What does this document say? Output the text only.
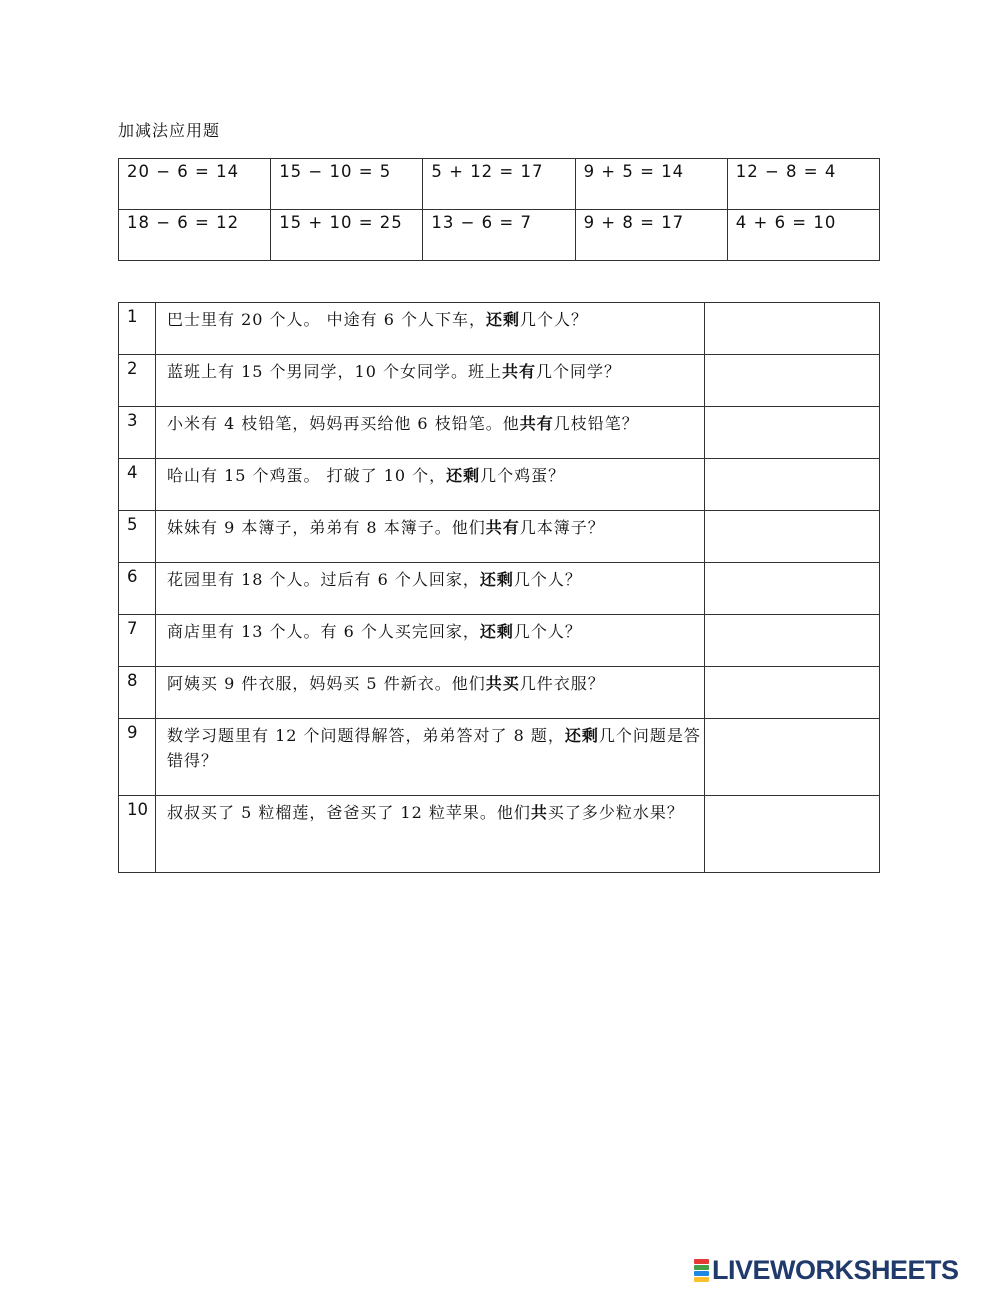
加减法应用题
20 − 6 = 14	15 − 10 = 5	5 + 12 = 17	9 + 5 = 14	12 − 8 = 4
18 − 6 = 12	15 + 10 = 25	13 − 6 = 7	9 + 8 = 17	4 + 6 = 10
1	巴士里有 20 个人。 中途有 6 个人下车，还剩几个人？	
2	蓝班上有 15 个男同学，10 个女同学。班上共有几个同学？	
3	小米有 4 枝铅笔，妈妈再买给他 6 枝铅笔。他共有几枝铅笔？	
4	哈山有 15 个鸡蛋。 打破了 10 个，还剩几个鸡蛋？	
5	妹妹有 9 本簿子，弟弟有 8 本簿子。他们共有几本簿子？	
6	花园里有 18 个人。过后有 6 个人回家，还剩几个人？	
7	商店里有 13 个人。有 6 个人买完回家，还剩几个人？	
8	阿姨买 9 件衣服，妈妈买 5 件新衣。他们共买几件衣服？	
9	数学习题里有 12 个问题得解答，弟弟答对了 8 题，还剩几个问题是答错得？	
10	叔叔买了 5 粒榴莲，爸爸买了 12 粒苹果。他们共买了多少粒水果？	
LIVEWORKSHEETS
